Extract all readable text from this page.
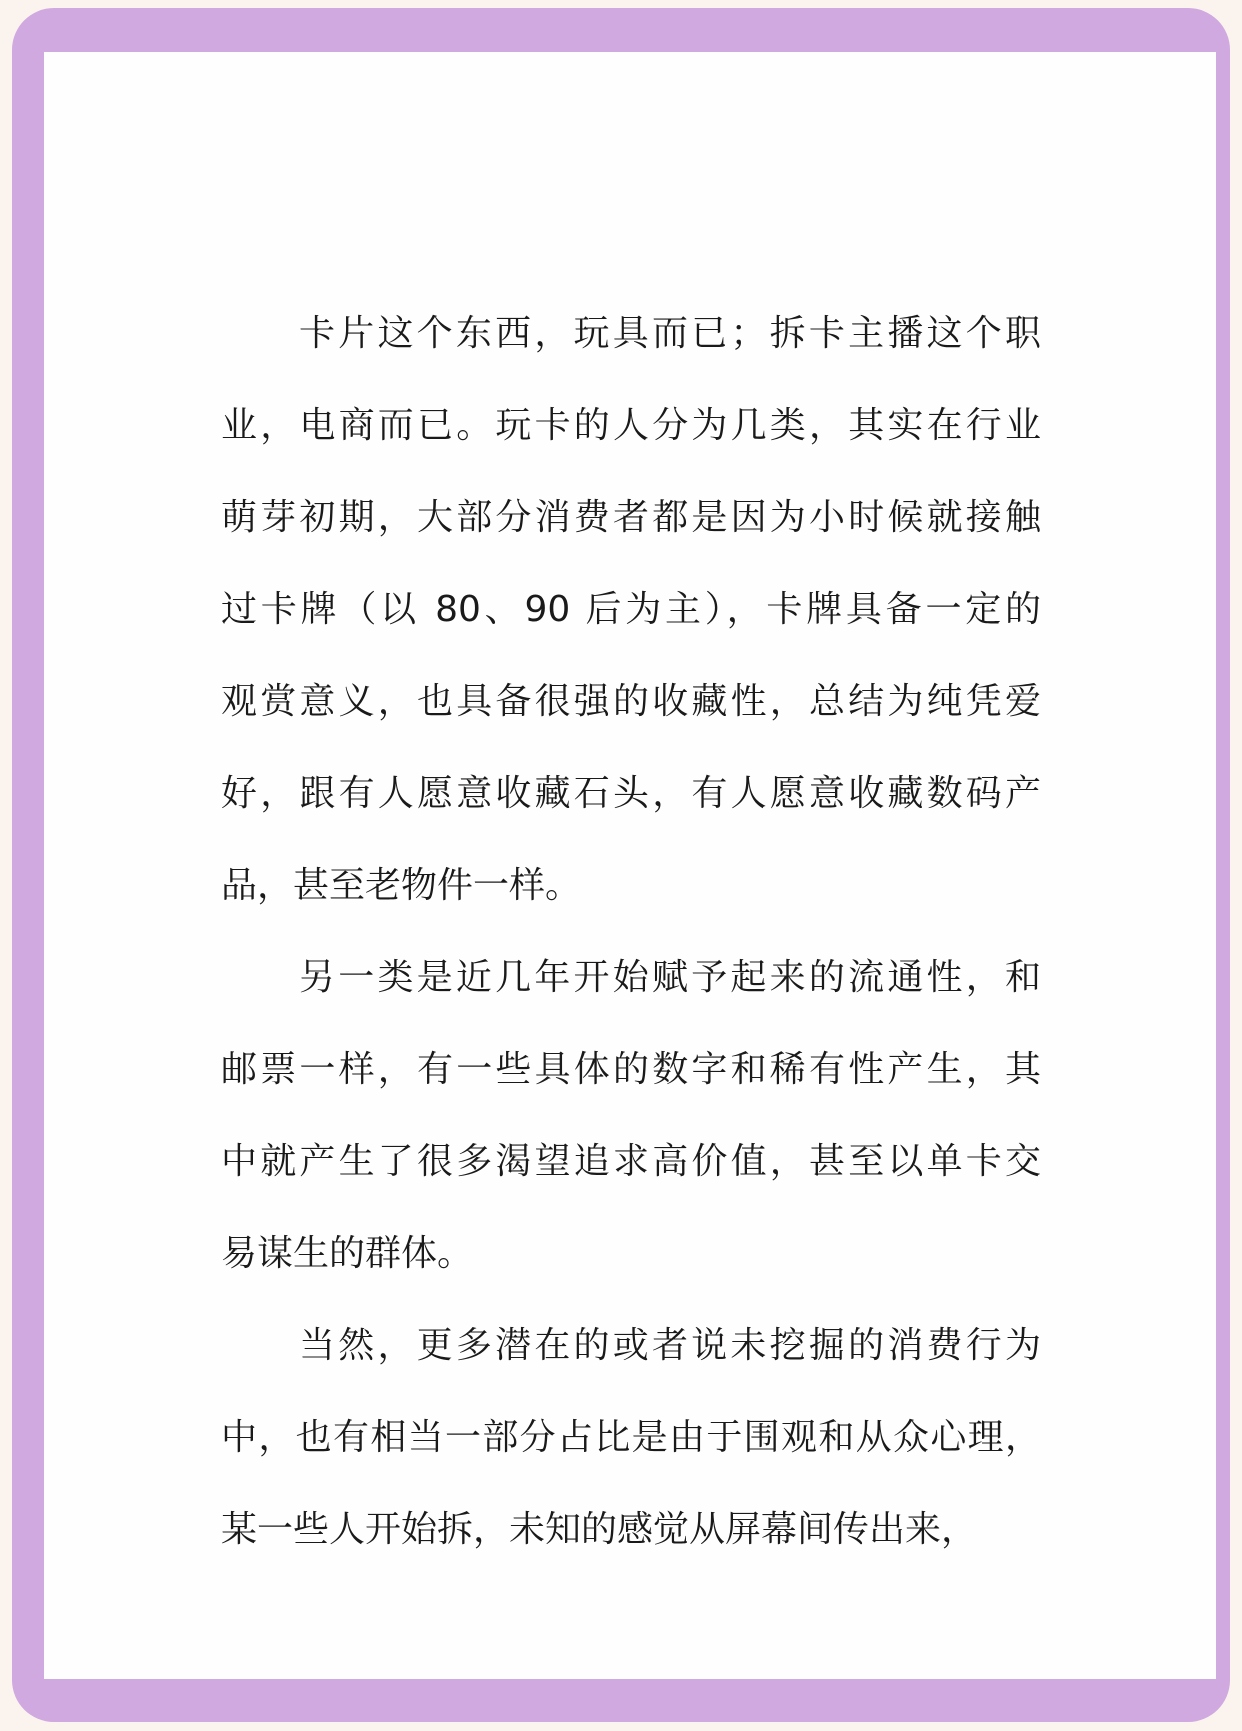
卡片这个东西，玩具而已；拆卡主播这个职
业，电商而已。玩卡的人分为几类，其实在行业
萌芽初期，大部分消费者都是因为小时候就接触
过卡牌（以 80、90 后为主），卡牌具备一定的
观赏意义，也具备很强的收藏性，总结为纯凭爱
好，跟有人愿意收藏石头，有人愿意收藏数码产
品，甚至老物件一样。
另一类是近几年开始赋予起来的流通性，和
邮票一样，有一些具体的数字和稀有性产生，其
中就产生了很多渴望追求高价值，甚至以单卡交
易谋生的群体。
当然，更多潜在的或者说未挖掘的消费行为
中，也有相当一部分占比是由于围观和从众心理，
某一些人开始拆，未知的感觉从屏幕间传出来，
